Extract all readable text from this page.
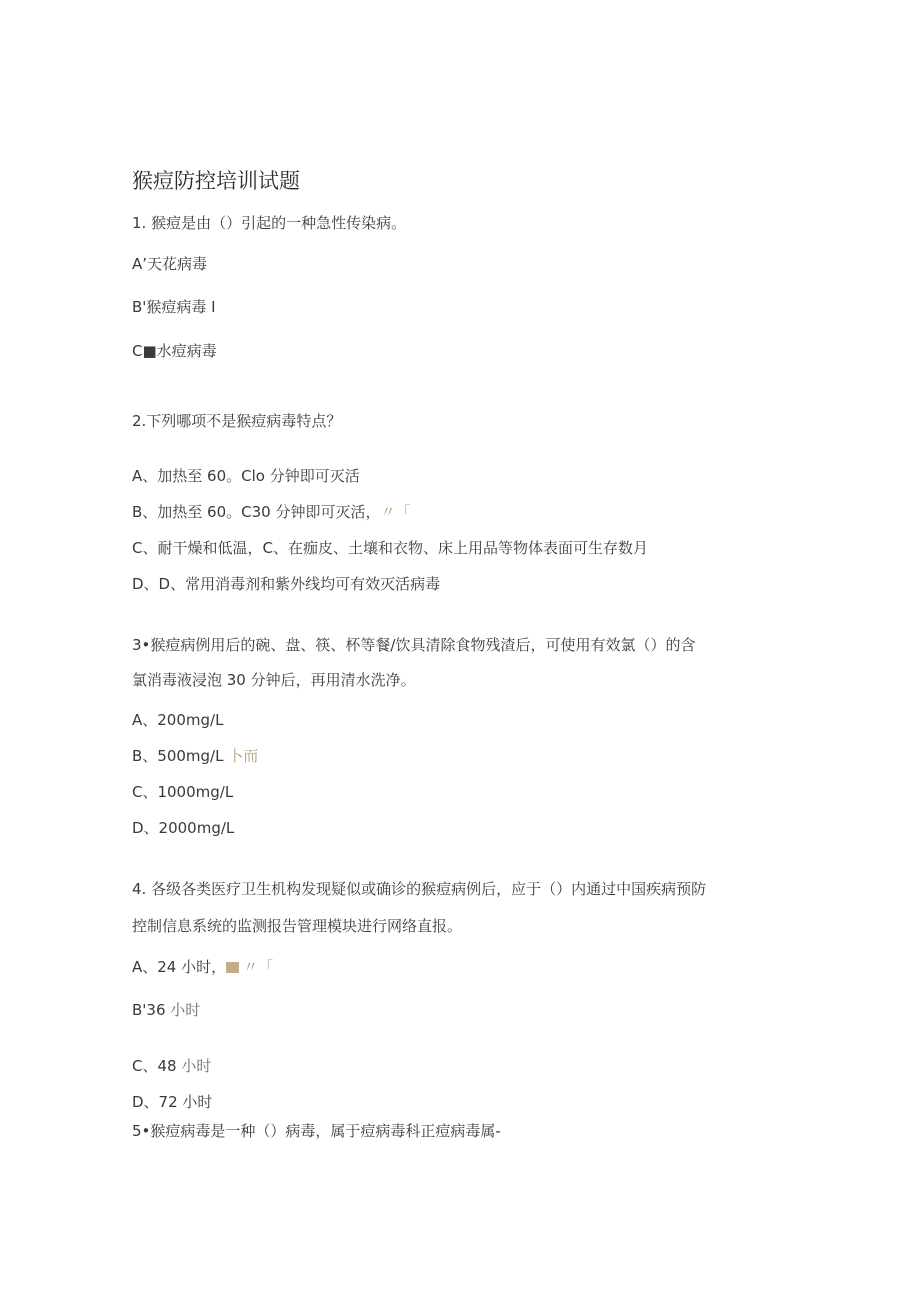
猴痘防控培训试题
1. 猴痘是由（）引起的一种急性传染病。
A’天花病毒
B'猴痘病毒 I
C■水痘病毒
2.下列哪项不是猴痘病毒特点？
A、加热至 60。Clo 分钟即可灭活
B、加热至 60。C30 分钟即可灭活，〃「
C、耐干燥和低温，C、在痂皮、土壤和衣物、床上用品等物体表面可生存数月
D、D、常用消毒剂和紫外线均可有效灭活病毒
3•猴痘病例用后的碗、盘、筷、杯等餐/饮具清除食物残渣后，可使用有效氯（）的含
氯消毒液浸泡 30 分钟后，再用清水洗净。
A、200mg∕L
B、500mg∕L 卜而
C、1000mg∕L
D、2000mg∕L
4. 各级各类医疗卫生机构发现疑似或确诊的猴痘病例后，应于（）内通过中国疾病预防
控制信息系统的监测报告管理模块进行网络直报。
A、24 小时， 〃「
B'36 小时
C、48 小时
D、72 小时
5•猴痘病毒是一种（）病毒，属于痘病毒科正痘病毒属-
